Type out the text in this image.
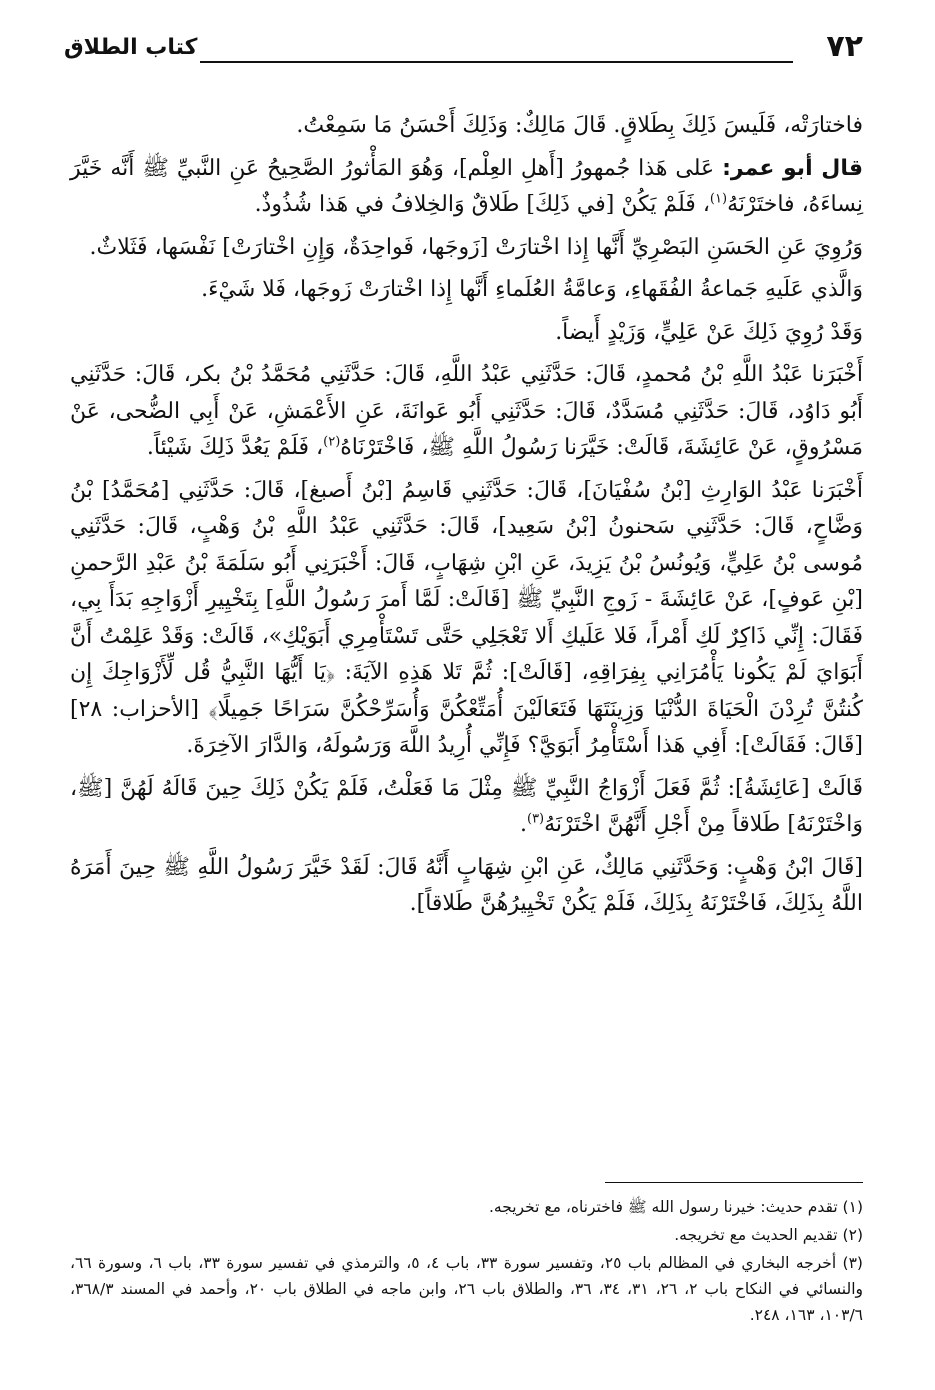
٧٢
كتاب الطلاق

فاختارَتْه، فَلَيسَ ذَلِكَ بِطَلاقٍ. قَالَ مَالِكٌ: وَذَلِكَ أَحْسَنُ مَا سَمِعْتُ.

قال أبو عمر: عَلى هَذا جُمهورُ [أَهلِ العِلْم]، وَهُوَ المَأْثورُ الصَّحِيحُ عَنِ النَّبيِّ ﷺ أَنَّه خَيَّرَ نِساءَهُ، فاختَرْنَهُ$^{(١)}$، فَلَمْ يَكُنْ [في ذَلِكَ] طَلاقٌ وَالخِلافُ في هَذا شُذُوذٌ.

وَرُوِيَ عَنِ الحَسَنِ البَصْرِيِّ أَنَّها إِذا اخْتارَتْ [زَوجَها، فَواحِدَةٌ، وَإِنِ اخْتارَتْ] نَفْسَها، فَثَلاثٌ.

وَالَّذي عَلَيهِ جَماعةُ الفُقَهاءِ، وَعامَّةُ العُلَماءِ أَنَّها إِذا اخْتارَتْ زَوجَها، فَلا شَيْءَ.

وَقَدْ رُوِيَ ذَلِكَ عَنْ عَلِيٍّ، وَزَيْدٍ أَيضاً.

أَخْبَرَنا عَبْدُ اللَّهِ بْنُ مُحمدٍ، قَالَ: حَدَّثَنِي عَبْدُ اللَّهِ، قَالَ: حَدَّثَنِي مُحَمَّدُ بْنُ بكر، قَالَ: حَدَّثَنِي أَبُو دَاوُد، قَالَ: حَدَّثَنِي مُسَدَّدٌ، قَالَ: حَدَّثَنِي أَبُو عَوانَةَ، عَنِ الأَعْمَشِ، عَنْ أَبِي الضُّحى، عَنْ مَسْرُوقٍ، عَنْ عَائِشَةَ، قَالَتْ: خَيَّرَنا رَسُولُ اللَّهِ ﷺ، فَاخْتَرْنَاهُ$^{(٢)}$، فَلَمْ يَعُدَّ ذَلِكَ شَيْئاً.

أَخْبَرَنا عَبْدُ الوَارِثِ [بْنُ سُفْيَانَ]، قَالَ: حَدَّثَنِي قَاسِمُ [بْنُ أَصبغ]، قَالَ: حَدَّثَنِي [مُحَمَّدُ] بْنُ وَضَّاحٍ، قَالَ: حَدَّثَنِي سَحنونُ [بْنُ سَعِيد]، قَالَ: حَدَّثَنِي عَبْدُ اللَّهِ بْنُ وَهْبٍ، قَالَ: حَدَّثَنِي مُوسى بْنُ عَلِيٍّ، وَيُونُسُ بْنُ يَزِيدَ، عَنِ ابْنِ شِهَابٍ، قَالَ: أَخْبَرَنِي أَبُو سَلَمَةَ بْنُ عَبْدِ الرَّحمنِ [بْنِ عَوفٍ]، عَنْ عَائِشَةَ - زَوجِ النَّبِيِّ ﷺ [قَالَتْ: لَمَّا أَمرَ رَسُولُ اللَّهِ] بِتَخْيِيرِ أَزْوَاجِهِ بَدَأَ بِي، فَقَالَ: إِنِّي ذَاكِرٌ لَكِ أَمْراً، فَلا عَلَيكِ أَلا تَعْجَلِي حَتَّى تَسْتَأْمِرِي أَبَوَيْكِ»، قَالَتْ: وَقَدْ عَلِمْتُ أَنَّ أَبَوَايَ لَمْ يَكُونا يَأْمُرَانِي بِفِرَاقِهِ، [قَالَتْ]: ثُمَّ تَلا هَذِهِ الآيَةَ: ﴿يَا أَيُّهَا النَّبِيُّ قُل لِّأَزْوَاجِكَ إِن كُنتُنَّ تُرِدْنَ الْحَيَاةَ الدُّنْيَا وَزِينَتَهَا فَتَعَالَيْنَ أُمَتِّعْكُنَّ وَأُسَرِّحْكُنَّ سَرَاحًا جَمِيلًا﴾ [الأحزاب: ٢٨] [قَالَ: فَقَالَتْ]: أَفِي هَذا أَسْتَأْمِرُ أَبَوَيَّ؟ فَإِنِّي أُرِيدُ اللَّهَ وَرَسُولَهُ، وَالدَّارَ الآخِرَةَ.

قَالَتْ [عَائِشَةُ]: ثُمَّ فَعَلَ أَزْوَاجُ النَّبِيِّ ﷺ مِثْلَ مَا فَعَلْتُ، فَلَمْ يَكُنْ ذَلِكَ حِينَ قَالَهُ لَهُنَّ [ﷺ، وَاخْتَرْنَهُ] طَلاقاً مِنْ أَجْلِ أَنَّهُنَّ اخْتَرْنَهُ$^{(٣)}$.

[قَالَ ابْنُ وَهْبٍ: وَحَدَّثَنِي مَالِكٌ، عَنِ ابْنِ شِهَابٍ أَنَّهُ قَالَ: لَقَدْ خَيَّرَ رَسُولُ اللَّهِ ﷺ حِينَ أَمَرَهُ اللَّهُ بِذَلِكَ، فَاخْتَرْنَهُ بِذَلِكَ، فَلَمْ يَكُنْ تَخْيِيرُهُنَّ طَلاقاً].

(١) تقدم حديث: خيرنا رسول الله ﷺ فاخترناه، مع تخريجه.

(٢) تقديم الحديث مع تخريجه.

(٣) أخرجه البخاري في المظالم باب ٢٥، وتفسير سورة ٣٣، باب ٤، ٥، والترمذي في تفسير سورة ٣٣، باب ٦، وسورة ٦٦، والنسائي في النكاح باب ٢، ٢٦، ٣١، ٣٤، ٣٦، والطلاق باب ٢٦، وابن ماجه في الطلاق باب ٢٠، وأحمد في المسند ٣٦٨/٣، ١٠٣/٦، ١٦٣، ٢٤٨.
